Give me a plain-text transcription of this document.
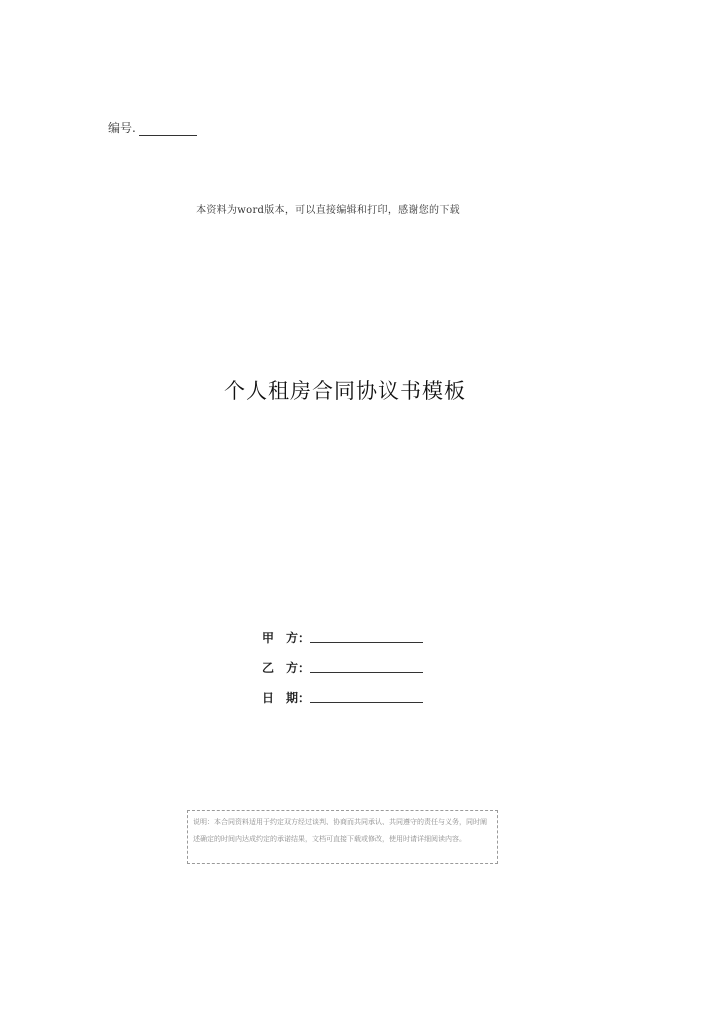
编号.
本资料为word版本，可以直接编辑和打印，感谢您的下载
个人租房合同协议书模板
甲　方：
乙　方：
日　期：
说明：本合同资料适用于约定双方经过谈判、协商而共同承认、共同遵守的责任与义务，同时阐述确定的时间内达成约定的承诺结果，文档可直接下载或修改，使用时请详细阅读内容。
